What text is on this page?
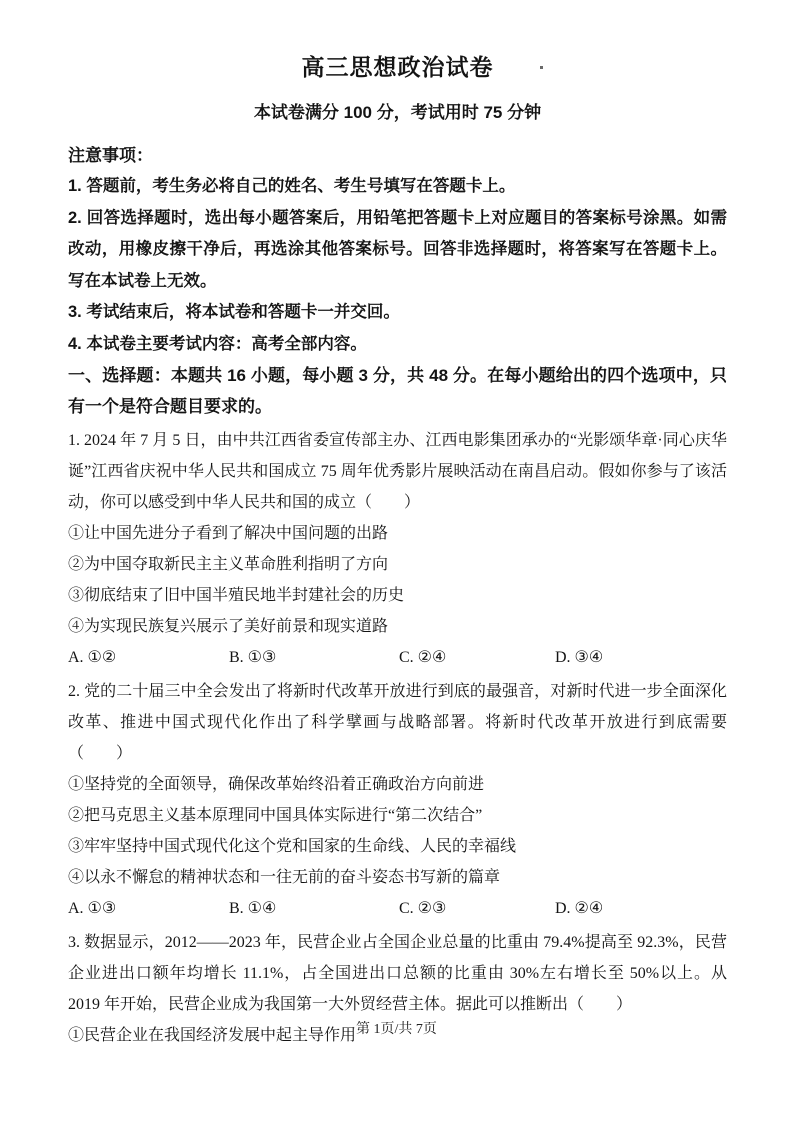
高三思想政治试卷
本试卷满分 100 分，考试用时 75 分钟
注意事项：

1. 答题前，考生务必将自己的姓名、考生号填写在答题卡上。

2. 回答选择题时，选出每小题答案后，用铅笔把答题卡上对应题目的答案标号涂黑。如需改动，用橡皮擦干净后，再选涂其他答案标号。回答非选择题时，将答案写在答题卡上。写在本试卷上无效。

3. 考试结束后，将本试卷和答题卡一并交回。

4. 本试卷主要考试内容：高考全部内容。

一、选择题：本题共 16 小题，每小题 3 分，共 48 分。在每小题给出的四个选项中，只有一个是符合题目要求的。

1. 2024 年 7 月 5 日，由中共江西省委宣传部主办、江西电影集团承办的“光影颂华章·同心庆华诞”江西省庆祝中华人民共和国成立 75 周年优秀影片展映活动在南昌启动。假如你参与了该活动，你可以感受到中华人民共和国的成立（　　）

①让中国先进分子看到了解决中国问题的出路

②为中国夺取新民主主义革命胜利指明了方向

③彻底结束了旧中国半殖民地半封建社会的历史

④为实现民族复兴展示了美好前景和现实道路

A. ①②	B. ①③	C. ②④	D. ③④

2. 党的二十届三中全会发出了将新时代改革开放进行到底的最强音，对新时代进一步全面深化改革、推进中国式现代化作出了科学擘画与战略部署。将新时代改革开放进行到底需要（　　）

①坚持党的全面领导，确保改革始终沿着正确政治方向前进

②把马克思主义基本原理同中国具体实际进行“第二次结合”

③牢牢坚持中国式现代化这个党和国家的生命线、人民的幸福线

④以永不懈怠的精神状态和一往无前的奋斗姿态书写新的篇章

A. ①③	B. ①④	C. ②③	D. ②④

3. 数据显示，2012——2023 年，民营企业占全国企业总量的比重由 79.4%提高至 92.3%，民营企业进出口额年均增长 11.1%，占全国进出口总额的比重由 30%左右增长至 50%以上。从 2019 年开始，民营企业成为我国第一大外贸经营主体。据此可以推断出（　　）

①民营企业在我国经济发展中起主导作用 第 1页/共 7页
